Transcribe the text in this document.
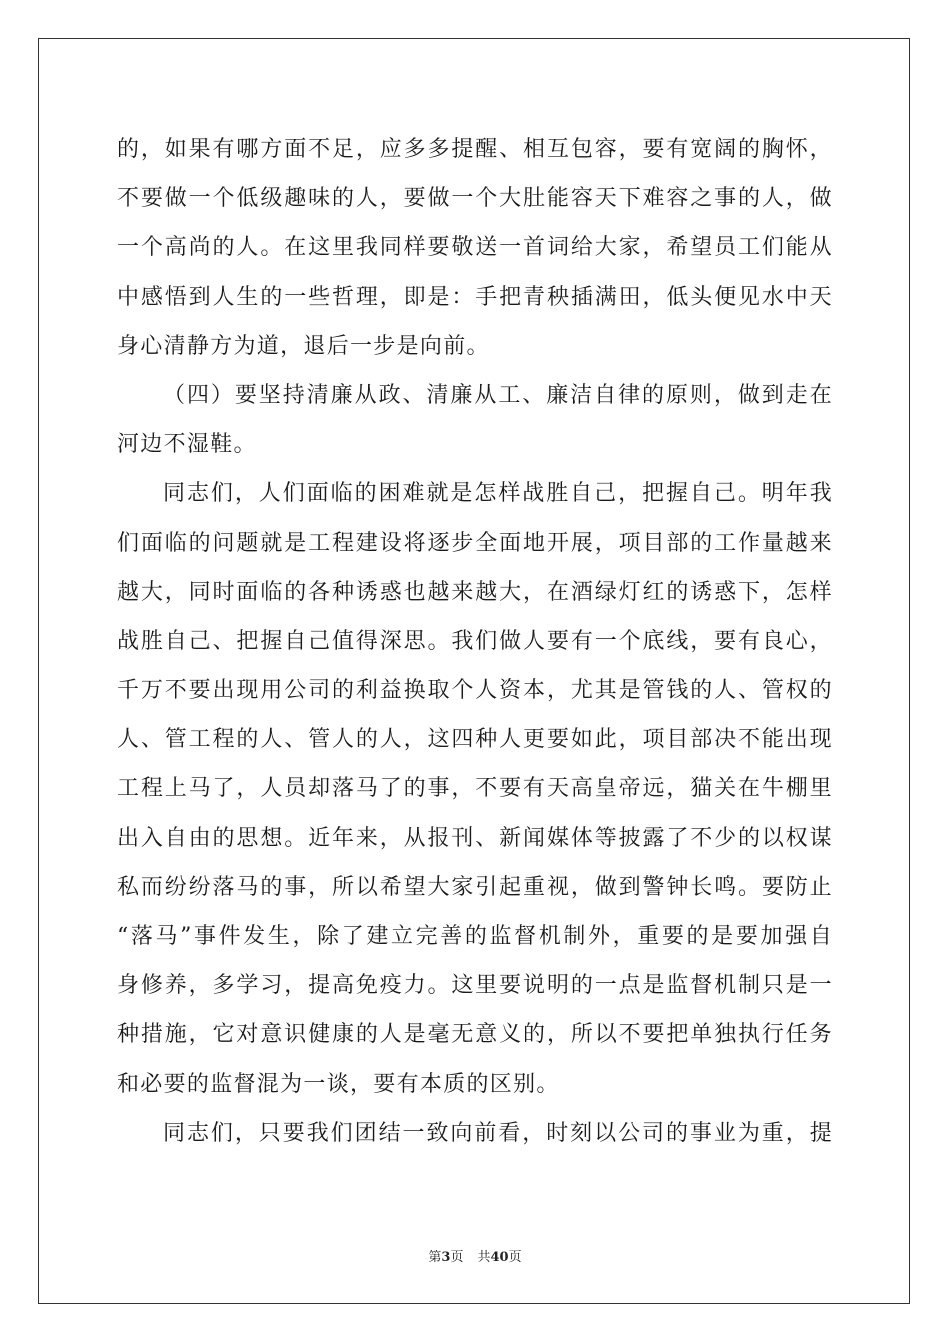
的，如果有哪方面不足，应多多提醒、相互包容，要有宽阔的胸怀，
不要做一个低级趣味的人，要做一个大肚能容天下难容之事的人，做
一个高尚的人。在这里我同样要敬送一首词给大家，希望员工们能从
中感悟到人生的一些哲理，即是：手把青秧插满田，低头便见水中天
身心清静方为道，退后一步是向前。
（四）要坚持清廉从政、清廉从工、廉洁自律的原则，做到走在
河边不湿鞋。
同志们，人们面临的困难就是怎样战胜自己，把握自己。明年我
们面临的问题就是工程建设将逐步全面地开展，项目部的工作量越来
越大，同时面临的各种诱惑也越来越大，在酒绿灯红的诱惑下，怎样
战胜自己、把握自己值得深思。我们做人要有一个底线，要有良心，
千万不要出现用公司的利益换取个人资本，尤其是管钱的人、管权的
人、管工程的人、管人的人，这四种人更要如此，项目部决不能出现
工程上马了，人员却落马了的事，不要有天高皇帝远，猫关在牛棚里
出入自由的思想。近年来，从报刊、新闻媒体等披露了不少的以权谋
私而纷纷落马的事，所以希望大家引起重视，做到警钟长鸣。要防止
“落马”事件发生，除了建立完善的监督机制外，重要的是要加强自
身修养，多学习，提高免疫力。这里要说明的一点是监督机制只是一
种措施，它对意识健康的人是毫无意义的，所以不要把单独执行任务
和必要的监督混为一谈，要有本质的区别。
同志们，只要我们团结一致向前看，时刻以公司的事业为重，提
第3页 共40页
